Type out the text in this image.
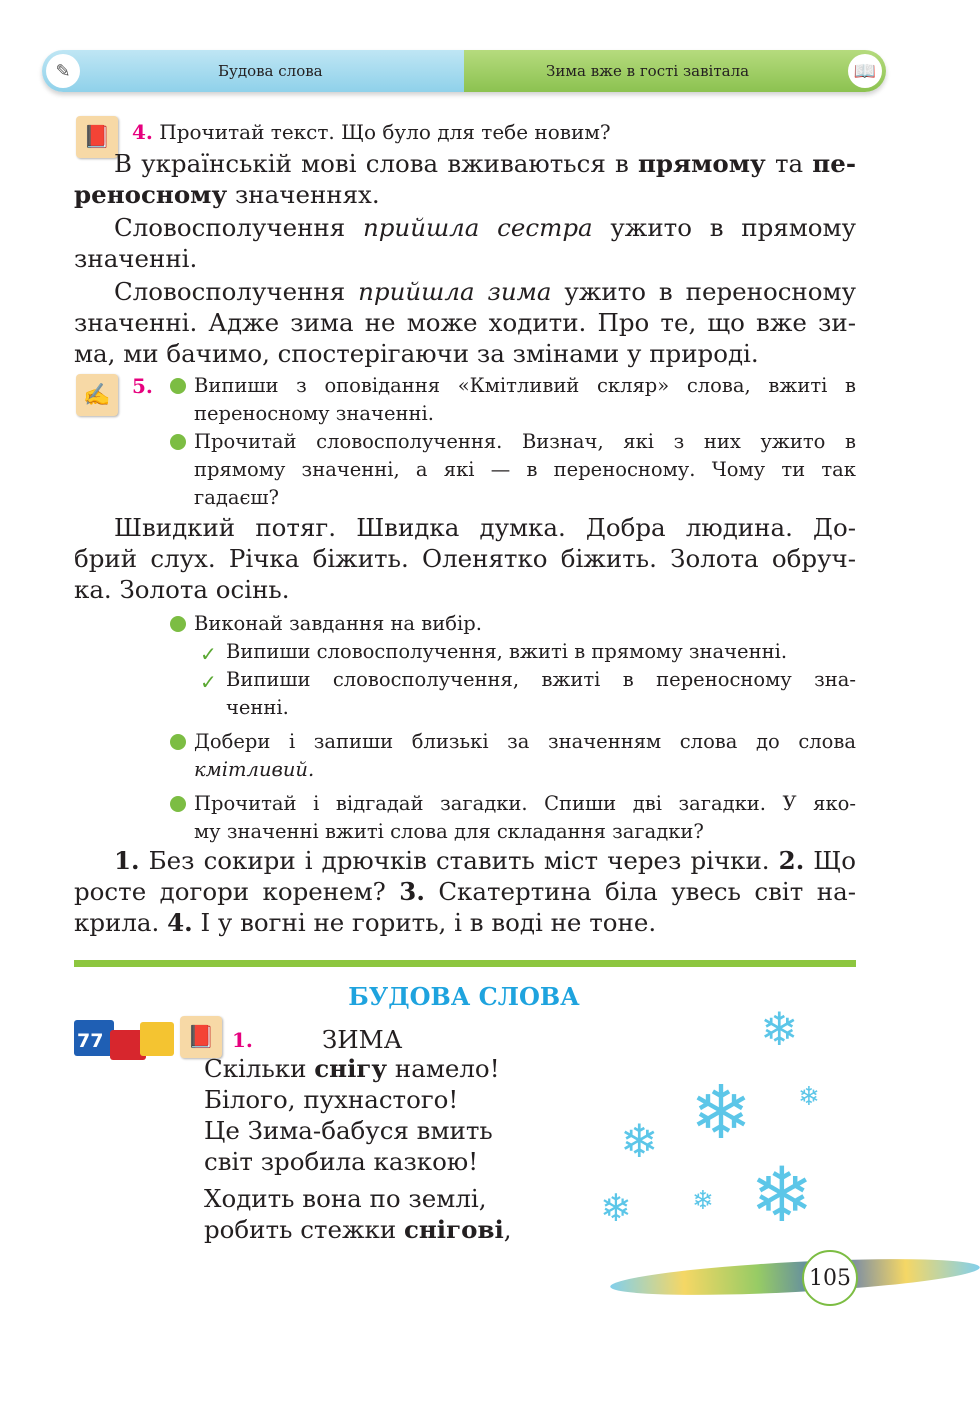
✎	Будова слова	Зима вже в гості завітала	📖
📕	4. Прочитай текст. Що було для тебе новим?
В українській мові слова вживаються в прямому та пе-
реносному значеннях.
Словосполучення прийшла сестра ужито в прямому
значенні.
Словосполучення прийшла зима ужито в переносному
значенні. Адже зима не може ходити. Про те, що вже зи-
ма, ми бачимо, спостерігаючи за змінами у природі.
✍	5. Випиши з оповідання «Кмітливий скляр» слова, вжиті в
переносному значенні.
Прочитай словосполучення. Визнач, які з них ужито в
прямому значенні, а які — в переносному. Чому ти так
гадаєш?
Швидкий потяг. Швидка думка. Добра людина. До-
брий слух. Річка біжить. Оленятко біжить. Золота обруч-
ка. Золота осінь.
Виконай завдання на вибір.
✓ Випиши словосполучення, вжиті в прямому значенні.
✓ Випиши словосполучення, вжиті в переносному зна-
ченні.
Добери і запиши близькі за значенням слова до слова
кмітливий.
Прочитай і відгадай загадки. Спиши дві загадки. У яко-
му значенні вжиті слова для складання загадки?
1. Без сокири і дрючків ставить міст через річки. 2. Що
росте догори коренем? 3. Скатертина біла увесь світ на-
крила. 4. І у вогні не горить, і в воді не тоне.
БУДОВА СЛОВА
77	📕 1.	ЗИМА
Скільки снігу намело!
Білого, пухнастого!
Це Зима-бабуся вмить
світ зробила казкою!
Ходить вона по землі,
робить стежки снігові,
❄
❄ ❄
❄
❄
❄ ❄
105
